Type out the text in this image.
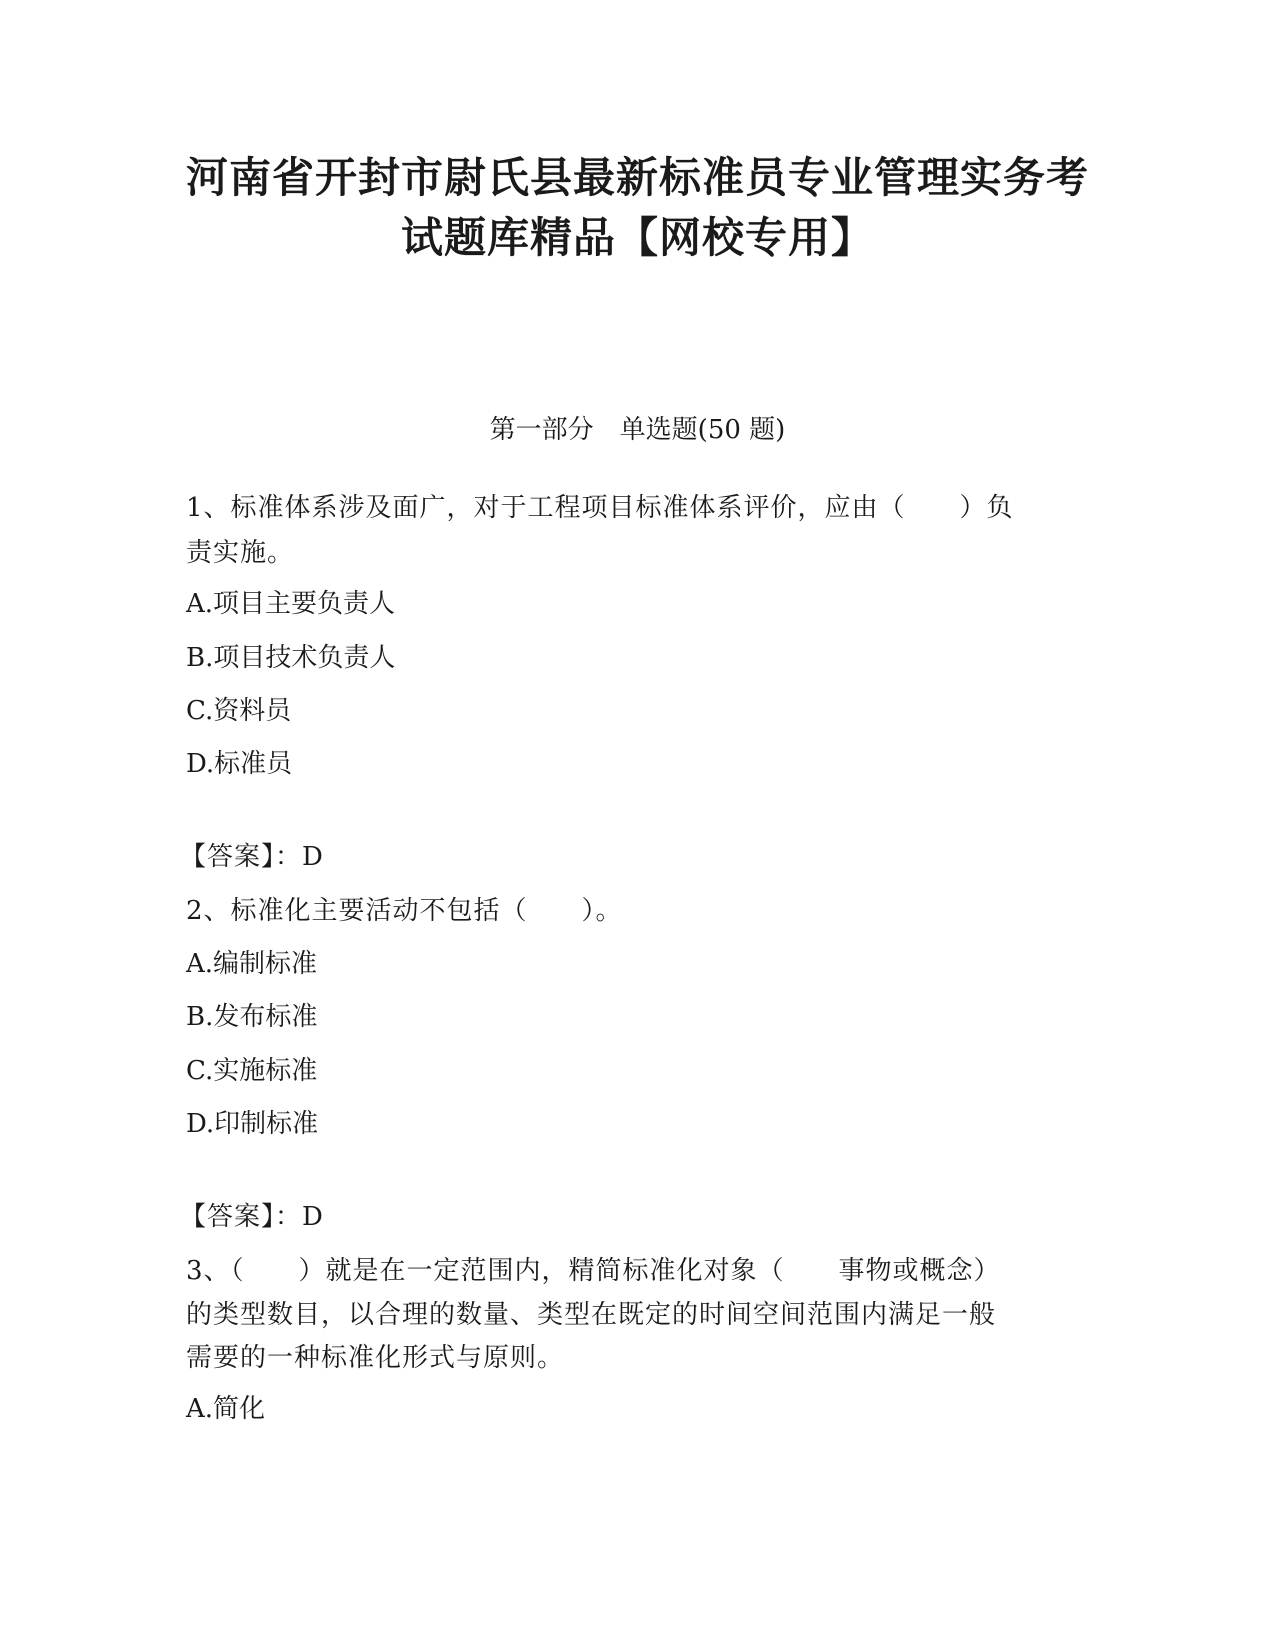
河南省开封市尉氏县最新标准员专业管理实务考
试题库精品【网校专用】
第一部分　单选题(50 题)
1、标准体系涉及面广，对于工程项目标准体系评价，应由（　　）负
责实施。
A.项目主要负责人
B.项目技术负责人
C.资料员
D.标准员
【答案】：D
2、标准化主要活动不包括（　　）。
A.编制标准
B.发布标准
C.实施标准
D.印制标准
【答案】：D
3、（　　）就是在一定范围内，精简标准化对象（　　事物或概念）
的类型数目，以合理的数量、类型在既定的时间空间范围内满足一般
需要的一种标准化形式与原则。
A.简化
